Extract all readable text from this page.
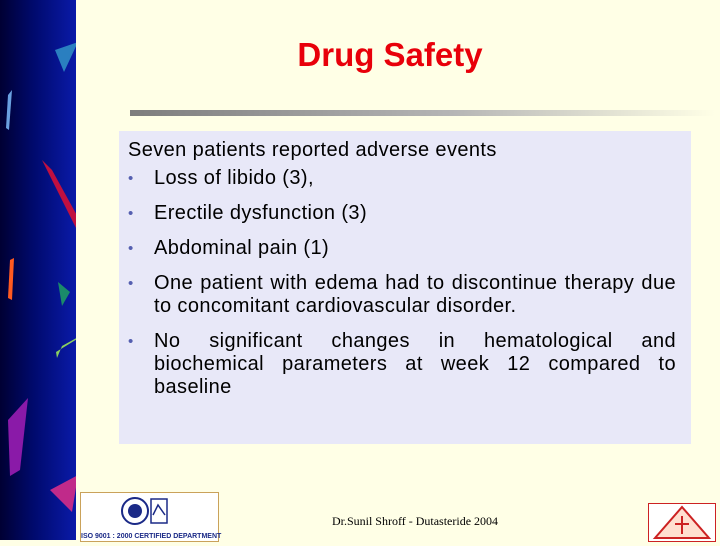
Drug Safety
Seven patients reported adverse events
• Loss of libido (3),
• Erectile dysfunction (3)
• Abdominal pain (1)
• One patient with edema had to discontinue therapy due to concomitant cardiovascular disorder.
• No significant changes in hematological and biochemical parameters at week 12 compared to baseline
ISO 9001 : 2000 CERTIFIED DEPARTMENT
Dr.Sunil Shroff - Dutasteride 2004
